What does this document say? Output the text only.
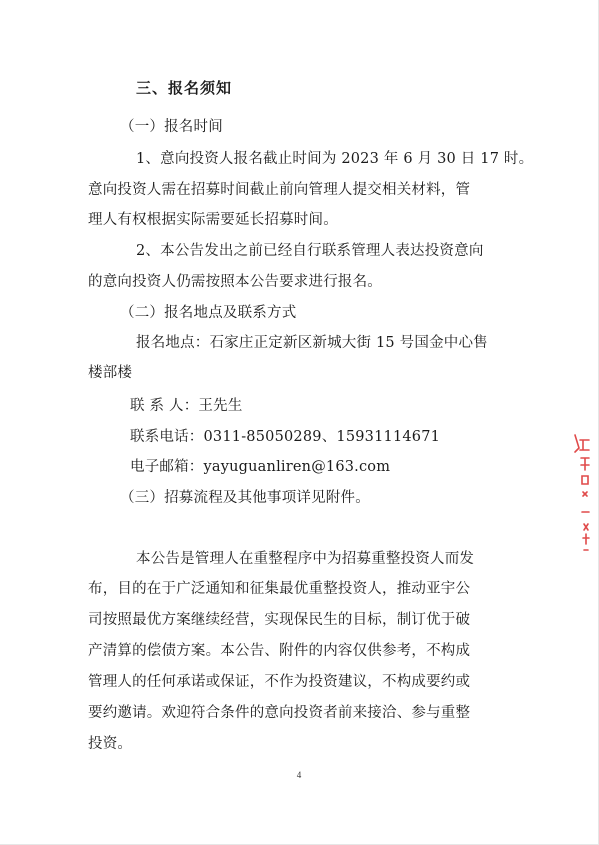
三、报名须知
（一）报名时间
1、意向投资人报名截止时间为 2023 年 6 月 30 日 17 时。
意向投资人需在招募时间截止前向管理人提交相关材料，管
理人有权根据实际需要延长招募时间。
2、本公告发出之前已经自行联系管理人表达投资意向
的意向投资人仍需按照本公告要求进行报名。
（二）报名地点及联系方式
报名地点：石家庄正定新区新城大街 15 号国金中心售
楼部楼
联 系 人：王先生
联系电话：0311-85050289、15931114671
电子邮箱：yayuguanliren@163.com
（三）招募流程及其他事项详见附件。
本公告是管理人在重整程序中为招募重整投资人而发
布，目的在于广泛通知和征集最优重整投资人，推动亚宇公
司按照最优方案继续经营，实现保民生的目标，制订优于破
产清算的偿债方案。本公告、附件的内容仅供参考，不构成
管理人的任何承诺或保证，不作为投资建议，不构成要约或
要约邀请。欢迎符合条件的意向投资者前来接洽、参与重整
投资。
4
